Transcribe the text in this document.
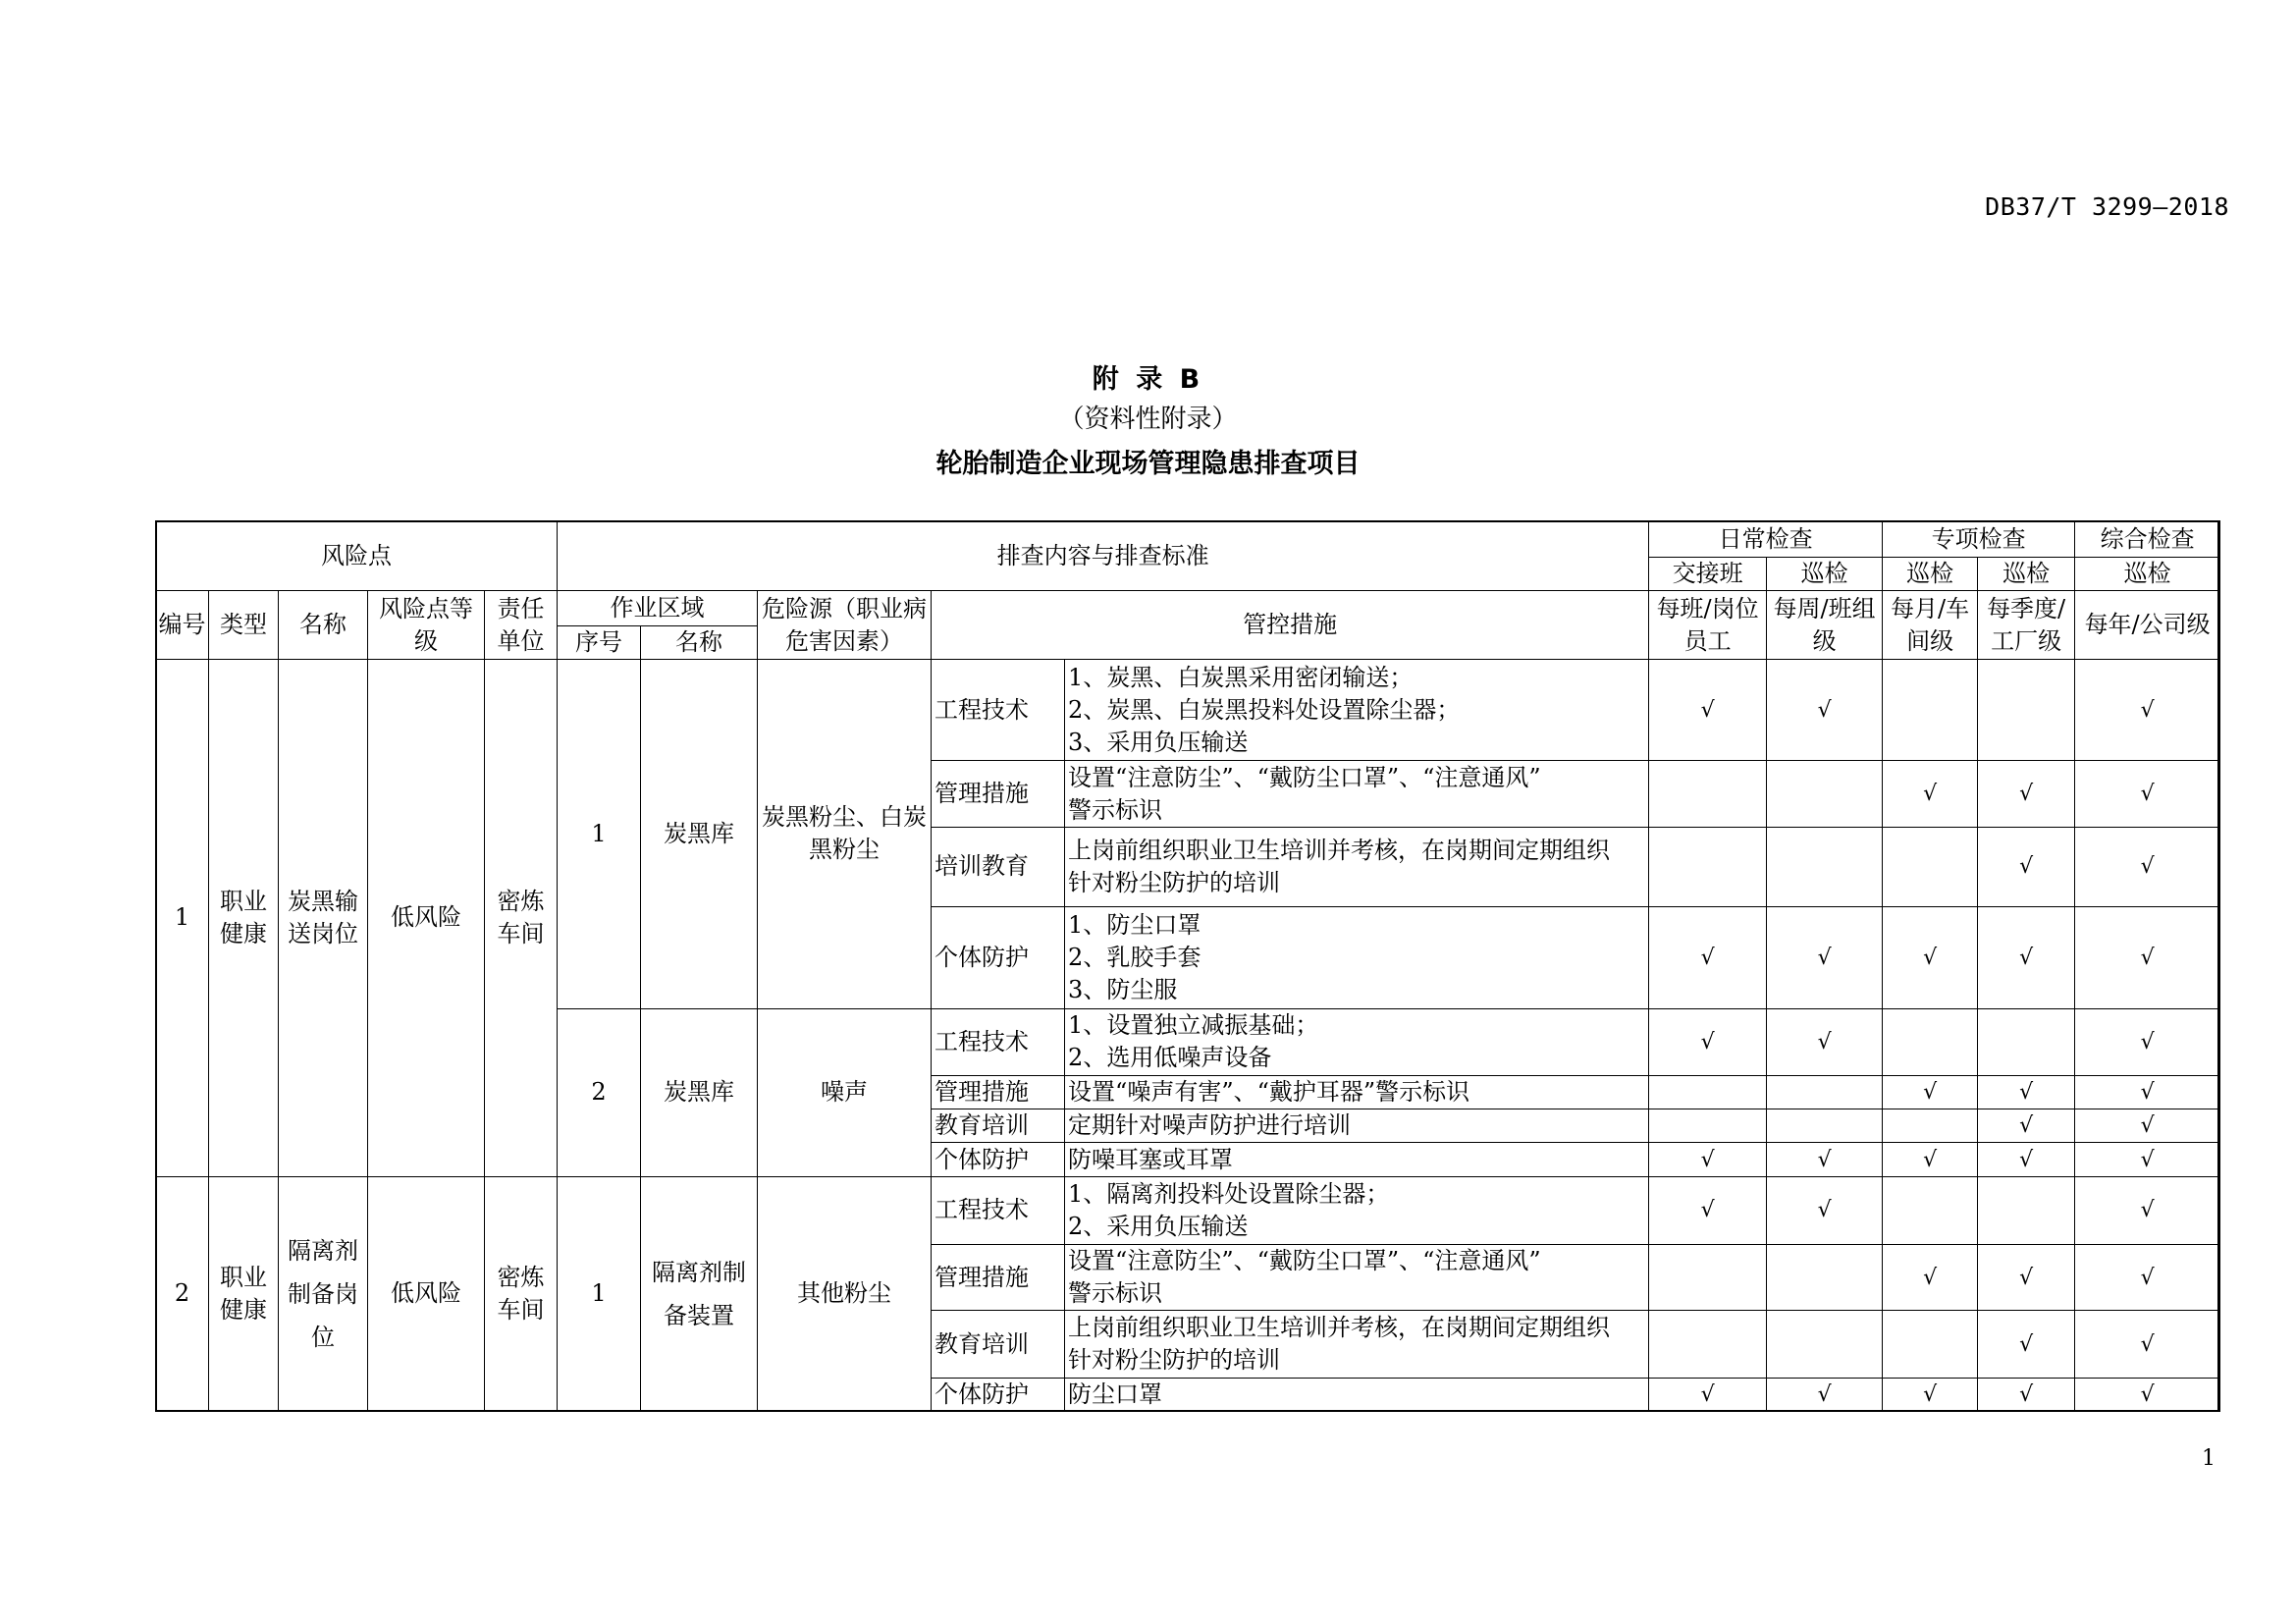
DB37/T 3299—2018
附 录 B
（资料性附录）
轮胎制造企业现场管理隐患排查项目
风险点					排查内容与排查标准					日常检查		专项检查		综合检查
										交接班	巡检	巡检	巡检	巡检
编号	类型	名称	风险点等级	责任单位	作业区域		危险源（职业病危害因素）	管控措施		每班/岗位员工	每周/班组级	每月/车间级	每季度/工厂级	每年/公司级
					序号	名称								
1	职业健康	炭黑输送岗位	低风险	密炼车间	1	炭黑库	炭黑粉尘、白炭黑粉尘	工程技术	1、炭黑、白炭黑采用密闭输送；
2、炭黑、白炭黑投料处设置除尘器；
3、采用负压输送	√	√			√
								管理措施	设置“注意防尘”、“戴防尘口罩”、“注意通风”
警示标识			√	√	√
								培训教育	上岗前组织职业卫生培训并考核，在岗期间定期组织
针对粉尘防护的培训				√	√
								个体防护	1、防尘口罩
2、乳胶手套
3、防尘服	√	√	√	√	√
					2	炭黑库	噪声	工程技术	1、设置独立减振基础；
2、选用低噪声设备	√	√			√
								管理措施	设置“噪声有害”、“戴护耳器”警示标识			√	√	√
								教育培训	定期针对噪声防护进行培训				√	√
								个体防护	防噪耳塞或耳罩	√	√	√	√	√
2	职业健康	隔离剂制备岗位	低风险	密炼车间	1	隔离剂制备装置	其他粉尘	工程技术	1、隔离剂投料处设置除尘器；
2、采用负压输送	√	√			√
								管理措施	设置“注意防尘”、“戴防尘口罩”、“注意通风”
警示标识			√	√	√
								教育培训	上岗前组织职业卫生培训并考核，在岗期间定期组织
针对粉尘防护的培训				√	√
								个体防护	防尘口罩	√	√	√	√	√
1
